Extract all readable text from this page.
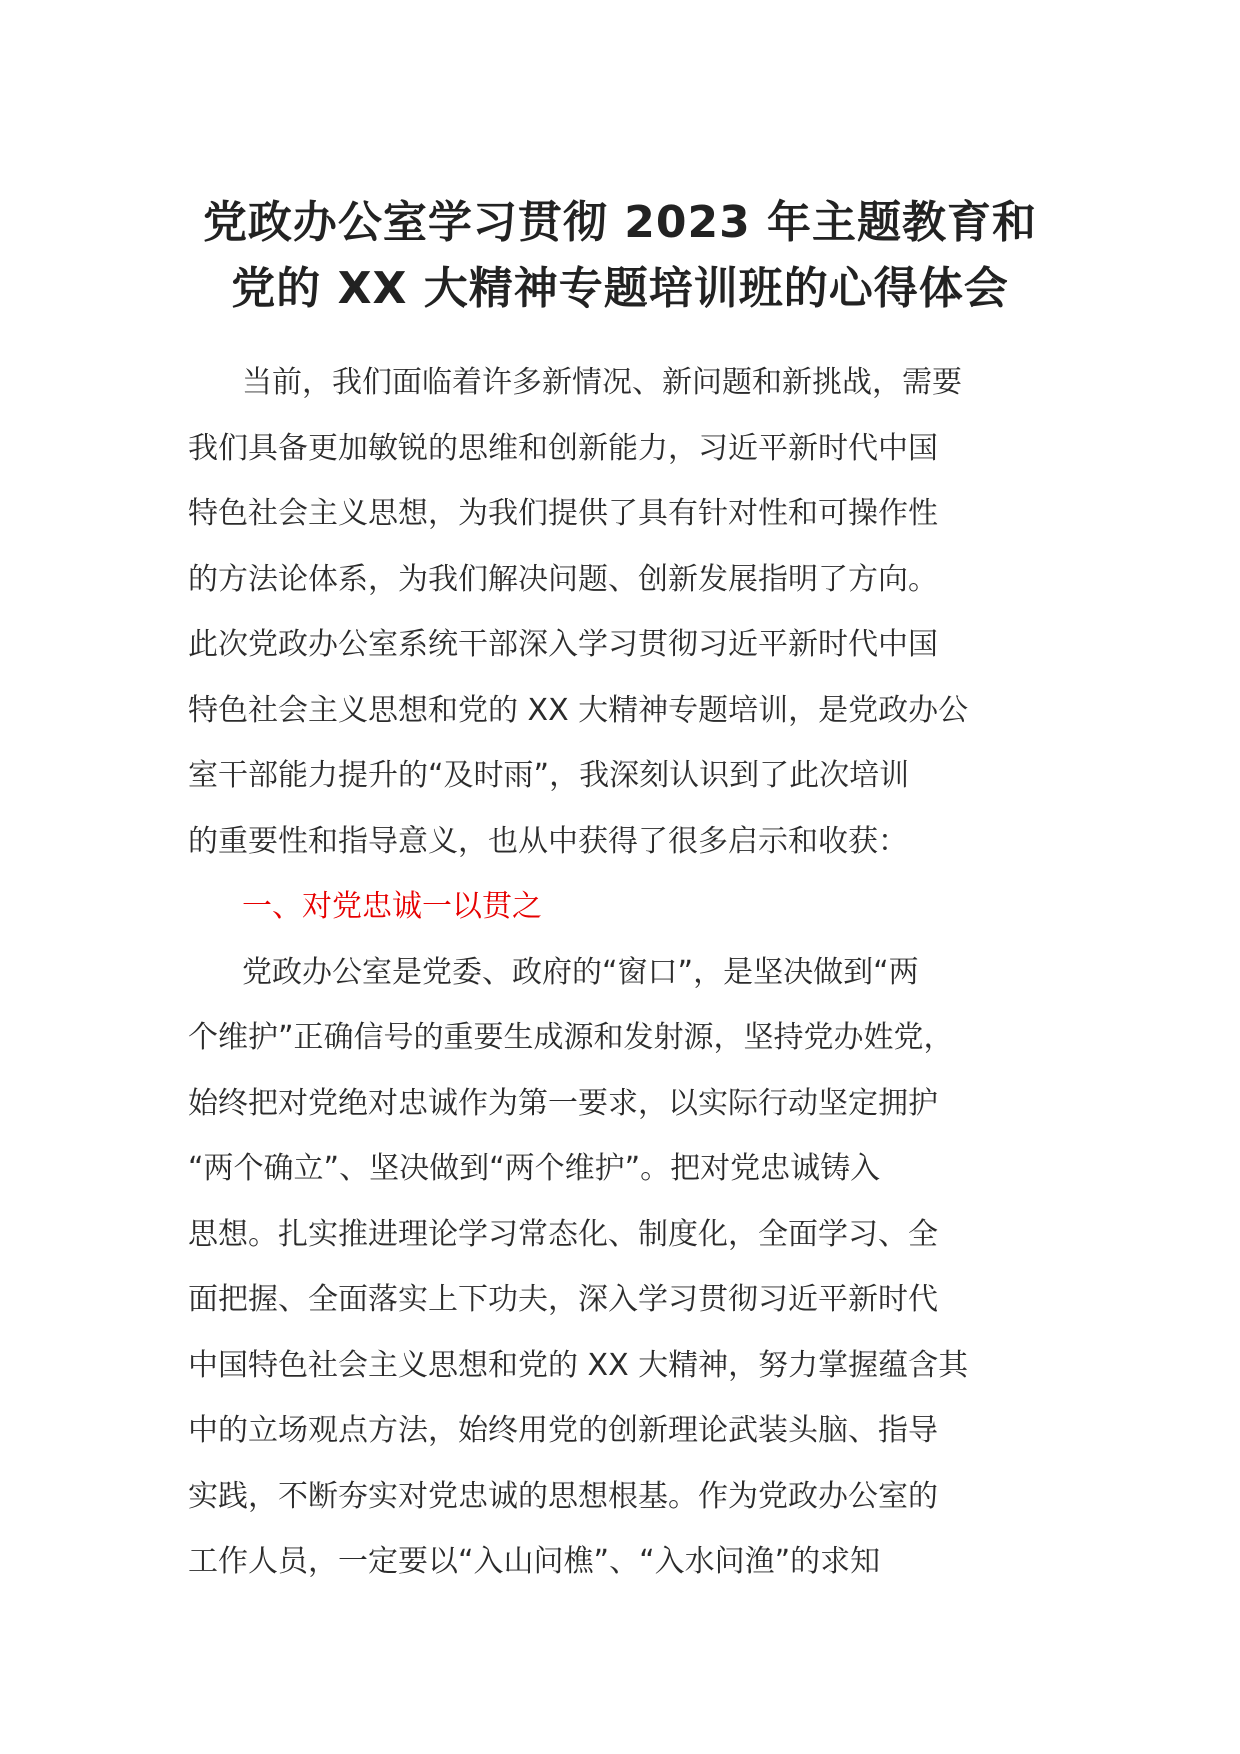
党政办公室学习贯彻 2023 年主题教育和
党的 XX 大精神专题培训班的心得体会
当前，我们面临着许多新情况、新问题和新挑战，需要
我们具备更加敏锐的思维和创新能力，习近平新时代中国
特色社会主义思想，为我们提供了具有针对性和可操作性
的方法论体系，为我们解决问题、创新发展指明了方向。
此次党政办公室系统干部深入学习贯彻习近平新时代中国
特色社会主义思想和党的 XX 大精神专题培训，是党政办公
室干部能力提升的“及时雨”，我深刻认识到了此次培训
的重要性和指导意义，也从中获得了很多启示和收获：
一、对党忠诚一以贯之
党政办公室是党委、政府的“窗口”，是坚决做到“两
个维护”正确信号的重要生成源和发射源，坚持党办姓党，
始终把对党绝对忠诚作为第一要求，以实际行动坚定拥护
“两个确立”、坚决做到“两个维护”。把对党忠诚铸入
思想。扎实推进理论学习常态化、制度化，全面学习、全
面把握、全面落实上下功夫，深入学习贯彻习近平新时代
中国特色社会主义思想和党的 XX 大精神，努力掌握蕴含其
中的立场观点方法，始终用党的创新理论武装头脑、指导
实践，不断夯实对党忠诚的思想根基。作为党政办公室的
工作人员，一定要以“入山问樵”、“入水问渔”的求知
